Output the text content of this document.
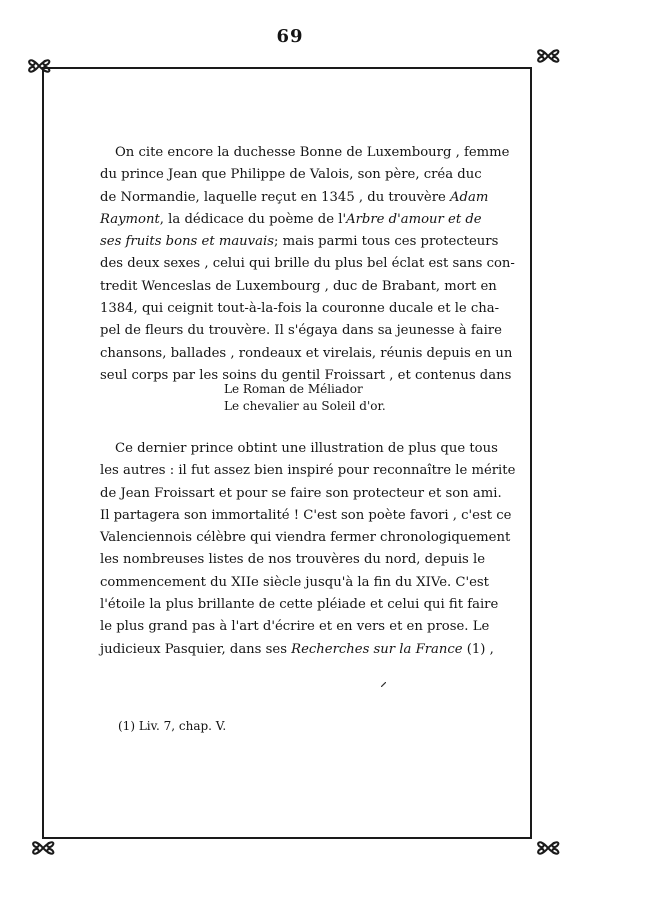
69
On cite encore la duchesse Bonne de Luxembourg , femme
du prince Jean que Philippe de Valois, son père, créa duc
de Normandie, laquelle reçut en 1345 , du trouvère Adam
Raymont, la dédicace du poème de l'Arbre d'amour et de
ses fruits bons et mauvais; mais parmi tous ces protecteurs
des deux sexes , celui qui brille du plus bel éclat est sans con-
tredit Wenceslas de Luxembourg , duc de Brabant, mort en
1384, qui ceignit tout-à-la-fois la couronne ducale et le cha-
pel de fleurs du trouvère. Il s'égaya dans sa jeunesse à faire
chansons, ballades , rondeaux et virelais, réunis depuis en un
seul corps par les soins du gentil Froissart , et contenus dans
Le Roman de Méliador
Le chevalier au Soleil d'or.
Ce dernier prince obtint une illustration de plus que tous
les autres : il fut assez bien inspiré pour reconnaître le mérite
de Jean Froissart et pour se faire son protecteur et son ami.
Il partagera son immortalité ! C'est son poète favori , c'est ce
Valenciennois célèbre qui viendra fermer chronologiquement
les nombreuses listes de nos trouvères du nord, depuis le
commencement du XIIe siècle jusqu'à la fin du XIVe. C'est
l'étoile la plus brillante de cette pléiade et celui qui fit faire
le plus grand pas à l'art d'écrire et en vers et en prose. Le
judicieux Pasquier, dans ses Recherches sur la France (1) ,
(1) Liv. 7, chap. V.
